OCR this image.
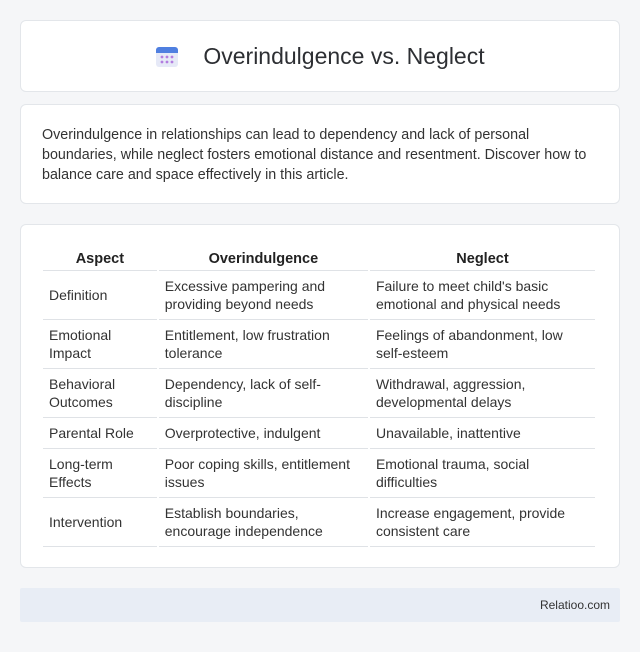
Overindulgence vs. Neglect

Overindulgence in relationships can lead to dependency and lack of personal boundaries, while neglect fosters emotional distance and resentment. Discover how to balance care and space effectively in this article.

Aspect	Overindulgence	Neglect
Definition	Excessive pampering and providing beyond needs	Failure to meet child's basic emotional and physical needs
Emotional Impact	Entitlement, low frustration tolerance	Feelings of abandonment, low self-esteem
Behavioral Outcomes	Dependency, lack of self-discipline	Withdrawal, aggression, developmental delays
Parental Role	Overprotective, indulgent	Unavailable, inattentive
Long-term Effects	Poor coping skills, entitlement issues	Emotional trauma, social difficulties
Intervention	Establish boundaries, encourage independence	Increase engagement, provide consistent care
Relatioo.com
